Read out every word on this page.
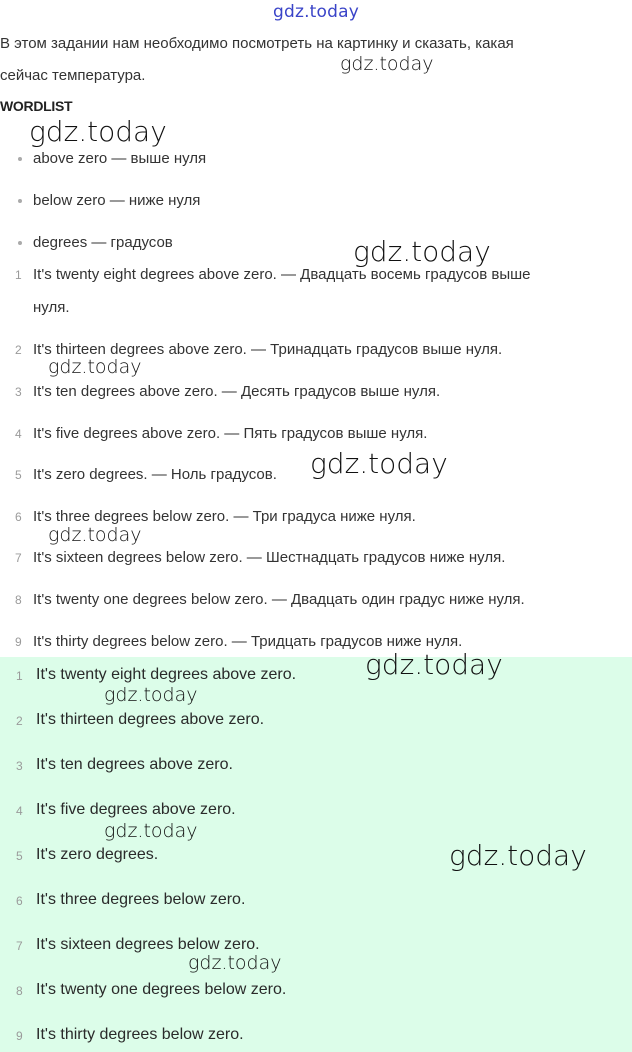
gdz.today
В этом задании нам необходимо посмотреть на картинку и сказать, какая
сейчас температура.
WORDLIST
above zero — выше нуля
below zero — ниже нуля
degrees — градусов
1 It's twenty eight degrees above zero. — Двадцать восемь градусов выше
нуля.
2 It's thirteen degrees above zero. — Тринадцать градусов выше нуля.
3 It's ten degrees above zero. — Десять градусов выше нуля.
4 It's five degrees above zero. — Пять градусов выше нуля.
5 It's zero degrees. — Ноль градусов.
6 It's three degrees below zero. — Три градуса ниже нуля.
7 It's sixteen degrees below zero. — Шестнадцать градусов ниже нуля.
8 It's twenty one degrees below zero. — Двадцать один градус ниже нуля.
9 It's thirty degrees below zero. — Тридцать градусов ниже нуля.
1 It's twenty eight degrees above zero.
2 It's thirteen degrees above zero.
3 It's ten degrees above zero.
4 It's five degrees above zero.
5 It's zero degrees.
6 It's three degrees below zero.
7 It's sixteen degrees below zero.
8 It's twenty one degrees below zero.
9 It's thirty degrees below zero.
gdz.today
gdz.today
gdz.today
gdz.today
gdz.today
gdz.today
gdz.today
gdz.today
gdz.today
gdz.today
gdz.today
